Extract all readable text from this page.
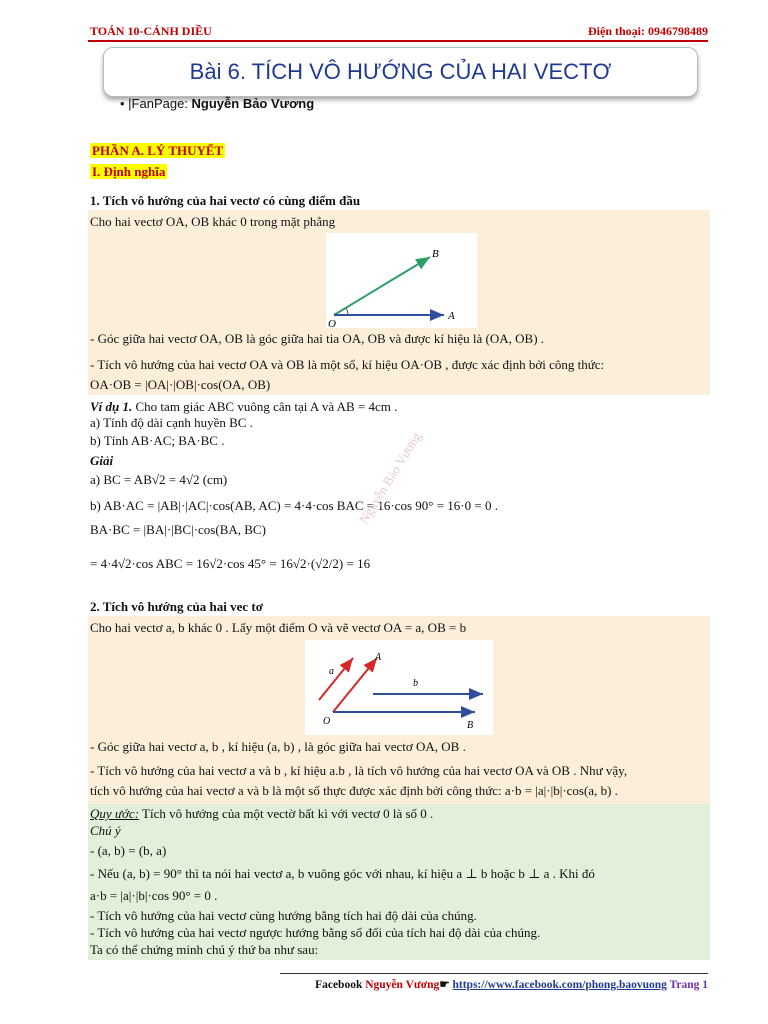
TOÁN 10-CÁNH DIỀU	Điện thoại: 0946798489
Bài 6. TÍCH VÔ HƯỚNG CỦA HAI VECTƠ
• |FanPage: Nguyễn Bảo Vương
PHẦN A. LÝ THUYẾT
I. Định nghĩa
1. Tích vô hướng của hai vectơ có cùng điểm đầu
Cho hai vectơ OA, OB khác 0 trong mặt phẳng
B
A
O
- Góc giữa hai vectơ OA, OB là góc giữa hai tia OA, OB và được kí hiệu là (OA, OB) .
- Tích vô hướng của hai vectơ OA và OB là một số, kí hiệu OA·OB , được xác định bởi công thức:
OA·OB = |OA|·|OB|·cos(OA, OB)
Ví dụ 1. Cho tam giác ABC vuông cân tại A và AB = 4cm .
a) Tính độ dài cạnh huyền BC .
b) Tính AB·AC; BA·BC .
Giải
a) BC = AB√2 = 4√2 (cm)
b) AB·AC = |AB|·|AC|·cos(AB, AC) = 4·4·cos BAC = 16·cos 90° = 16·0 = 0 .
BA·BC = |BA|·|BC|·cos(BA, BC)
= 4·4√2·cos ABC = 16√2·cos 45° = 16√2·(√2/2) = 16
Nguyễn Bảo Vương
2. Tích vô hướng của hai vec tơ
Cho hai vectơ a, b khác 0 . Lấy một điểm O và vẽ vectơ OA = a, OB = b
a
b
A
O	B
- Góc giữa hai vectơ a, b , kí hiệu (a, b) , là góc giữa hai vectơ OA, OB .
- Tích vô hướng của hai vectơ a và b , kí hiệu a.b , là tích vô hướng của hai vectơ OA và OB . Như vậy,
tích vô hướng của hai vectơ a và b là một số thực được xác định bởi công thức: a·b = |a|·|b|·cos(a, b) .
Quy ước: Tích vô hướng của một vectờ bất kì với vectơ 0 là số 0 .
Chú ý
- (a, b) = (b, a)
- Nếu (a, b) = 90° thì ta nói hai vectơ a, b vuông góc với nhau, kí hiệu a ⊥ b hoặc b ⊥ a . Khi đó
a·b = |a|·|b|·cos 90° = 0 .
- Tích vô hướng của hai vectơ cùng hướng bằng tích hai độ dài của chúng.
- Tích vô hướng của hai vectơ ngược hướng bằng số đối của tích hai độ dài của chúng.
Ta có thể chứng minh chú ý thứ ba như sau:
Facebook Nguyễn Vương☛ https://www.facebook.com/phong.baovuong Trang 1
